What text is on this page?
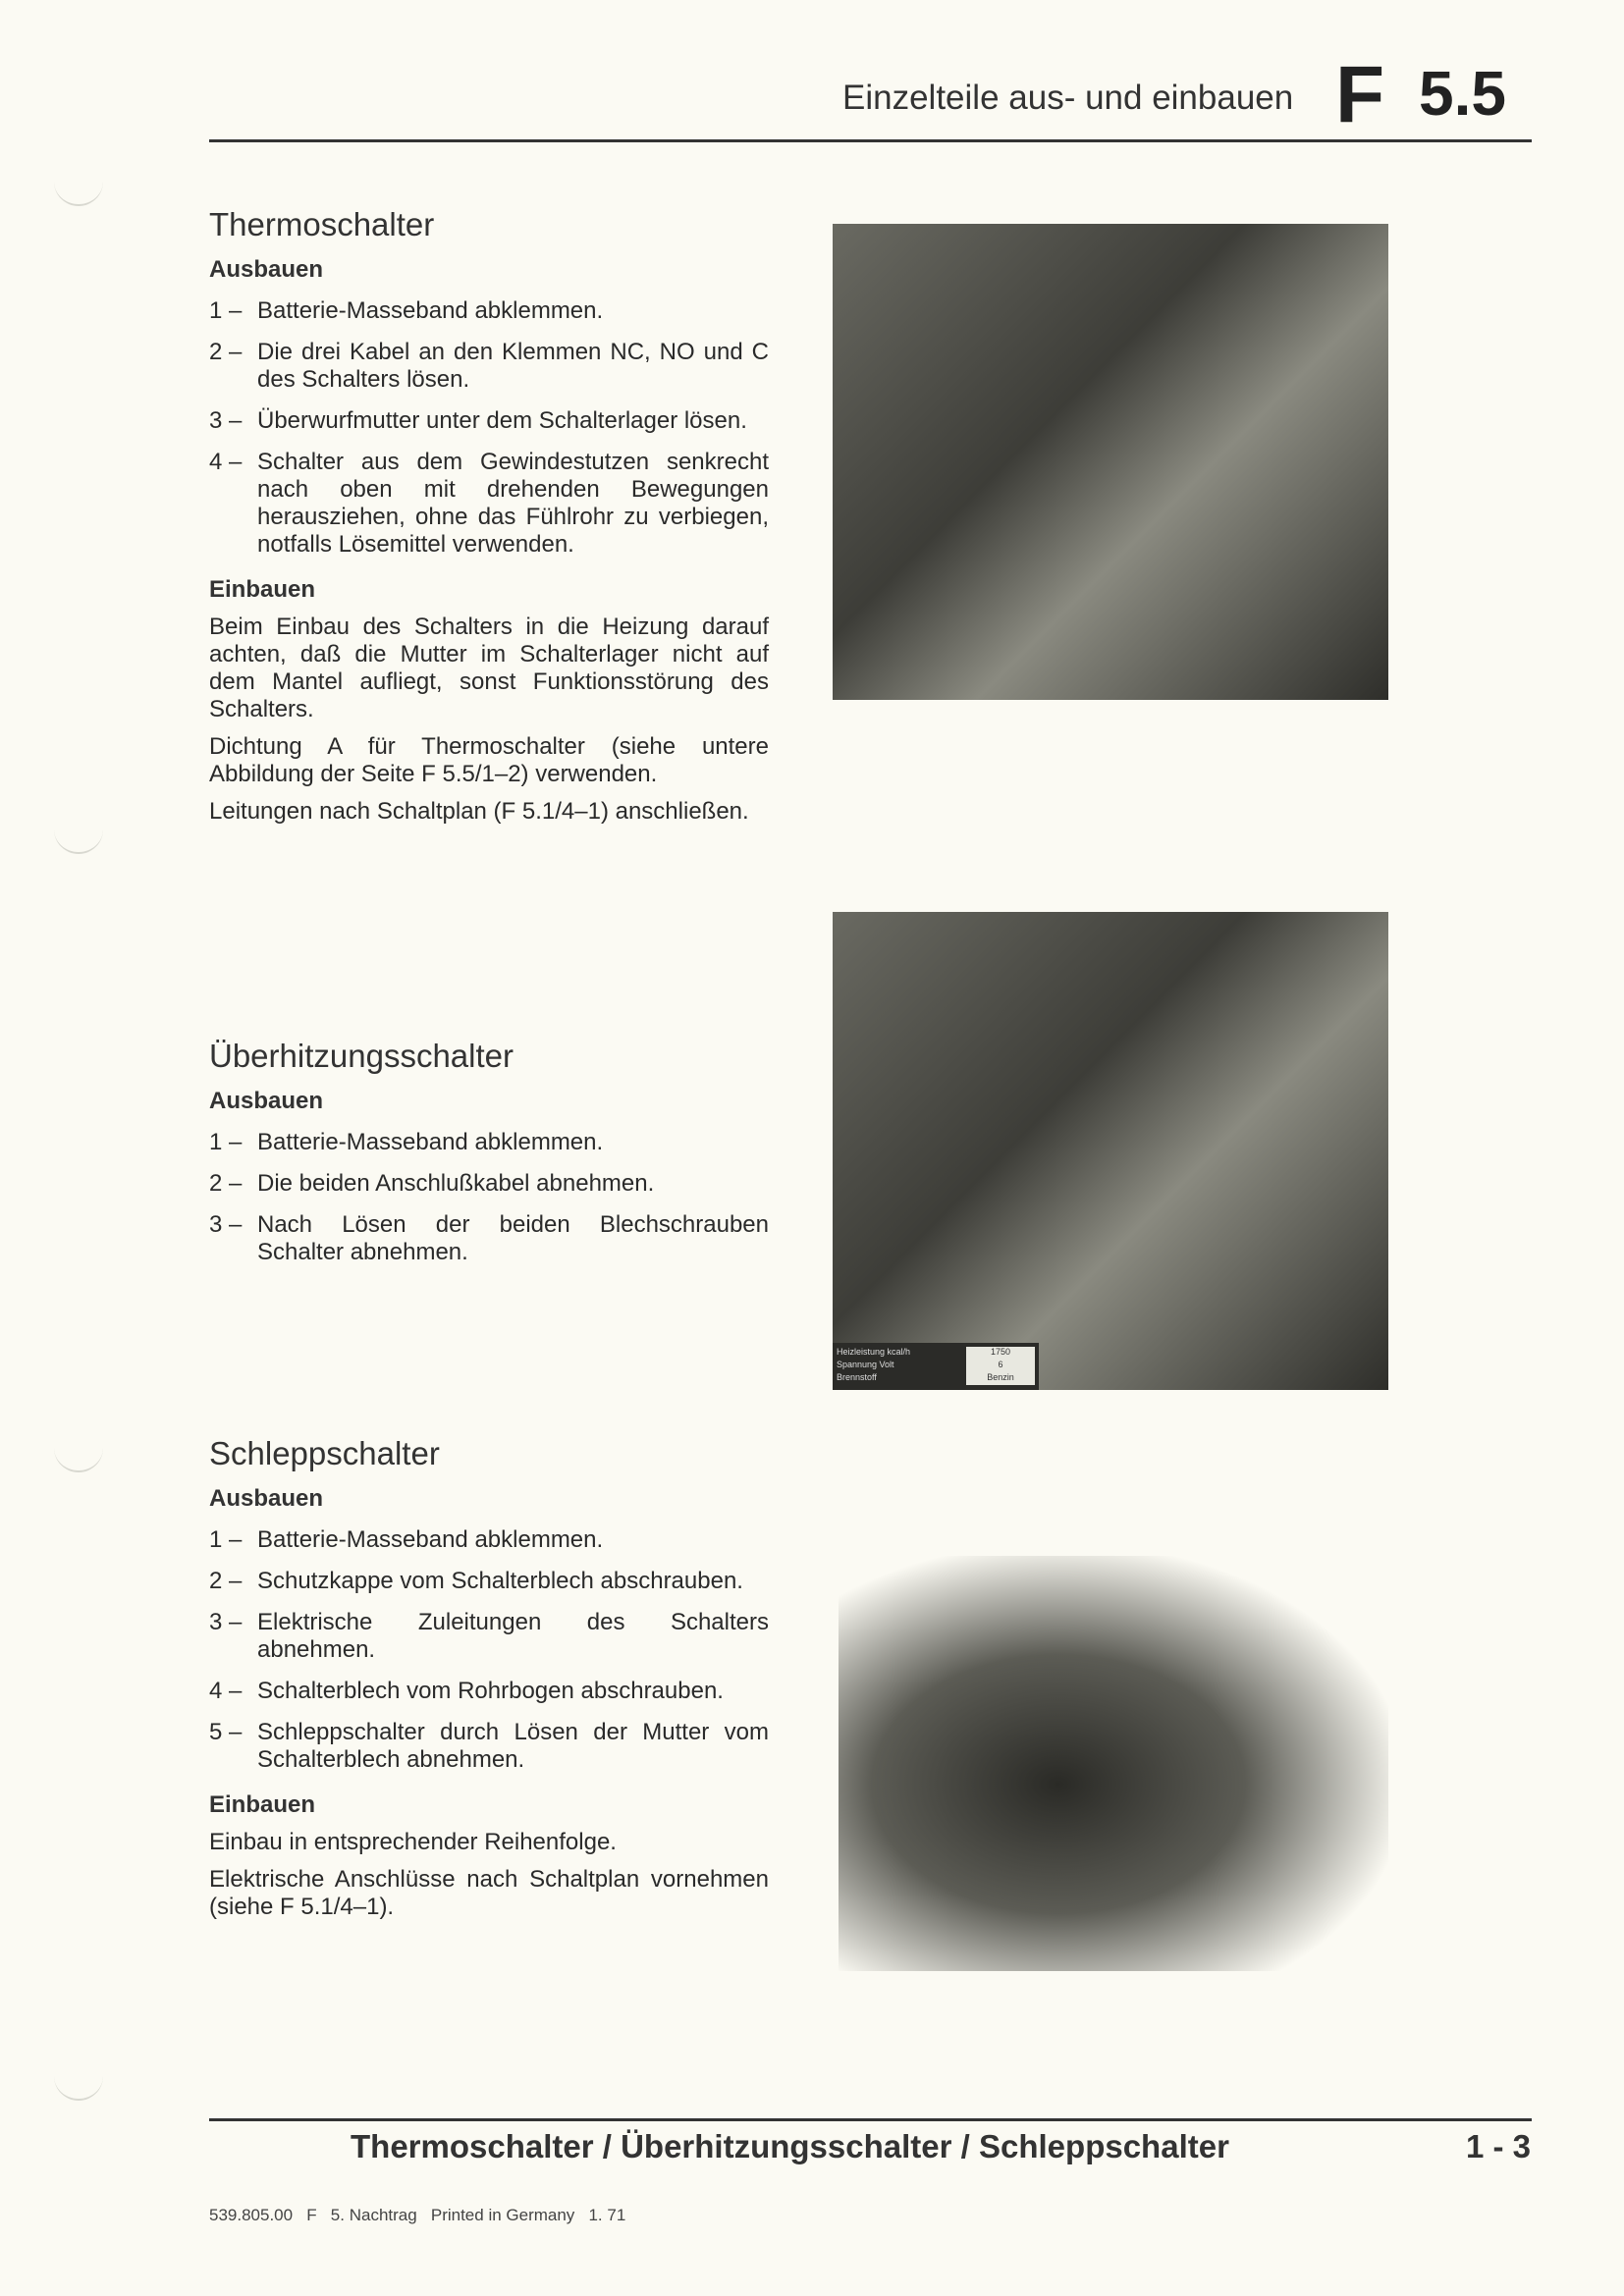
Einzelteile aus- und einbauen F 5.5
Thermoschalter
Ausbauen
1 – Batterie-Masseband abklemmen.
2 – Die drei Kabel an den Klemmen NC, NO und C des Schalters lösen.
3 – Überwurfmutter unter dem Schalterlager lösen.
4 – Schalter aus dem Gewindestutzen senkrecht nach oben mit drehenden Bewegungen herausziehen, ohne das Fühlrohr zu verbiegen, notfalls Lösemittel verwenden.
Einbauen
Beim Einbau des Schalters in die Heizung darauf achten, daß die Mutter im Schalterlager nicht auf dem Mantel aufliegt, sonst Funktionsstörung des Schalters.
Dichtung A für Thermoschalter (siehe untere Abbildung der Seite F 5.5/1–2) verwenden.
Leitungen nach Schaltplan (F 5.1/4–1) anschließen.
Überhitzungsschalter
Ausbauen
1 – Batterie-Masseband abklemmen.
2 – Die beiden Anschlußkabel abnehmen.
3 – Nach Lösen der beiden Blechschrauben Schalter abnehmen.
Schleppschalter
Ausbauen
1 – Batterie-Masseband abklemmen.
2 – Schutzkappe vom Schalterblech abschrauben.
3 – Elektrische Zuleitungen des Schalters abnehmen.
4 – Schalterblech vom Rohrbogen abschrauben.
5 – Schleppschalter durch Lösen der Mutter vom Schalterblech abnehmen.
Einbauen
Einbau in entsprechender Reihenfolge.
Elektrische Anschlüsse nach Schaltplan vornehmen (siehe F 5.1/4–1).
Heizleistung kcal/h	1750
Spannung Volt	6
Brennstoff	Benzin
Thermoschalter / Überhitzungsschalter / Schleppschalter	1 - 3
539.805.00   F   5. Nachtrag   Printed in Germany   1. 71
